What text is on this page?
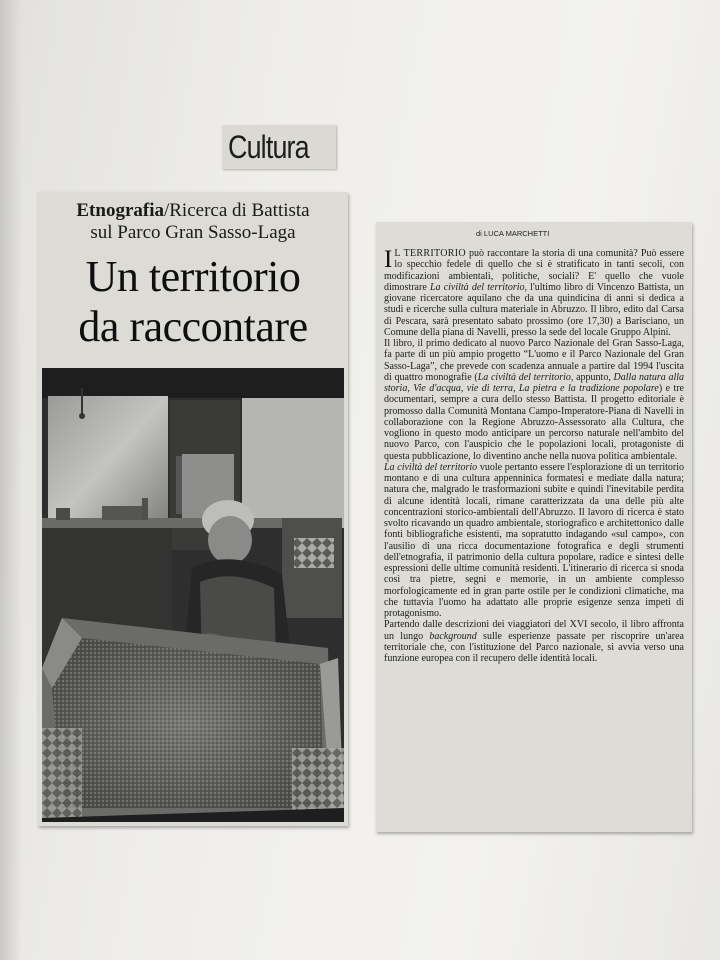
Cultura
Etnografia/Ricerca di Battista
sul Parco Gran Sasso-Laga
Un territorio
da raccontare
di LUCA MARCHETTI

I L TERRITORIO può raccontare la storia di una comunità? Può essere lo specchio fedele di quello che si è stratificato in tanti secoli, con modificazioni ambientali, politiche, sociali? E' quello che vuole dimostrare La civiltà del territorio, l'ultimo libro di Vincenzo Battista, un giovane ricercatore aquilano che da una quindicina di anni si dedica a studi e ricerche sulla cultura materiale in Abruzzo. Il libro, edito dal Carsa di Pescara, sarà presentato sabato prossimo (ore 17,30) a Barisciano, un Comune della piana di Navelli, presso la sede del locale Gruppo Alpini.

Il libro, il primo dedicato al nuovo Parco Nazionale del Gran Sasso-Laga, fa parte di un più ampio progetto “L'uomo e il Parco Nazionale del Gran Sasso-Laga”, che prevede con scadenza annuale a partire dal 1994 l'uscita di quattro monografie (La civiltà del territorio, appunto, Dalla natura alla storia, Vie d'acqua, vie di terra, La pietra e la tradizione popolare) e tre documentari, sempre a cura dello stesso Battista. Il progetto editoriale è promosso dalla Comunità Montana Campo-Imperatore-Piana di Navelli in collaborazione con la Regione Abruzzo-Assessorato alla Cultura, che vogliono in questo modo anticipare un percorso naturale nell'ambito del nuovo Parco, con l'auspicio che le popolazioni locali, protagoniste di questa pubblicazione, lo diventino anche nella nuova politica ambientale.

La civiltà del territorio vuole pertanto essere l'esplorazione di un territorio montano e di una cultura appenninica formatesi e mediate dalla natura; natura che, malgrado le trasformazioni subite e quindi l'inevitabile perdita di alcune identità locali, rimane caratterizzata da una delle più alte concentrazioni storico-ambientali dell'Abruzzo. Il lavoro di ricerca è stato svolto ricavando un quadro ambientale, storiografico e architettonico dalle fonti bibliografiche esistenti, ma sopratutto indagando «sul campo», con l'ausilio di una ricca documentazione fotografica e degli strumenti dell'etnografia, il patrimonio della cultura popolare, radice e sintesi delle espressioni delle ultime comunità residenti. L'itinerario di ricerca si snoda così tra pietre, segni e memorie, in un ambiente complesso morfologicamente ed in gran parte ostile per le condizioni climatiche, ma che tuttavia l'uomo ha adattato alle proprie esigenze senza impeti di protagonismo.

Partendo dalle descrizioni dei viaggiatori del XVI secolo, il libro affronta un lungo background sulle esperienze passate per riscoprire un'area territoriale che, con l'istituzione del Parco nazionale, si avvia verso una funzione europea con il recupero delle identità locali.
